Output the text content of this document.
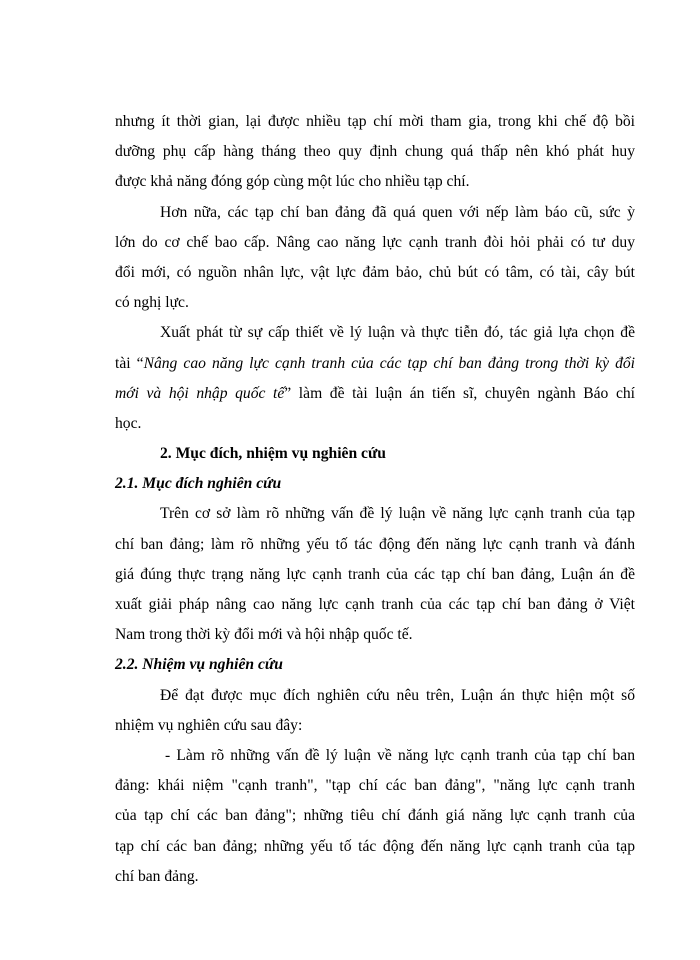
nhưng ít thời gian, lại được nhiều tạp chí mời tham gia, trong khi chế độ bồi
dưỡng phụ cấp hàng tháng theo quy định chung quá thấp nên khó phát huy
được khả năng đóng góp cùng một lúc cho nhiều tạp chí.
Hơn nữa, các tạp chí ban đảng đã quá quen với nếp làm báo cũ, sức ỳ
lớn do cơ chế bao cấp. Nâng cao năng lực cạnh tranh đòi hỏi phải có tư duy
đổi mới, có nguồn nhân lực, vật lực đảm bảo, chủ bút có tâm, có tài, cây bút
có nghị lực.
Xuất phát từ sự cấp thiết về lý luận và thực tiễn đó, tác giả lựa chọn đề
tài “Nâng cao năng lực cạnh tranh của các tạp chí ban đảng trong thời kỳ đổi
mới và hội nhập quốc tế” làm đề tài luận án tiến sĩ, chuyên ngành Báo chí
học.
2. Mục đích, nhiệm vụ nghiên cứu
2.1. Mục đích nghiên cứu
Trên cơ sở làm rõ những vấn đề lý luận về năng lực cạnh tranh của tạp
chí ban đảng; làm rõ những yếu tố tác động đến năng lực cạnh tranh và đánh
giá đúng thực trạng năng lực cạnh tranh của các tạp chí ban đảng, Luận án đề
xuất giải pháp nâng cao năng lực cạnh tranh của các tạp chí ban đảng ở Việt
Nam trong thời kỳ đổi mới và hội nhập quốc tế.
2.2. Nhiệm vụ nghiên cứu
Để đạt được mục đích nghiên cứu nêu trên, Luận án thực hiện một số
nhiệm vụ nghiên cứu sau đây:
- Làm rõ những vấn đề lý luận về năng lực cạnh tranh của tạp chí ban
đảng: khái niệm "cạnh tranh", "tạp chí các ban đảng", "năng lực cạnh tranh
của tạp chí các ban đảng"; những tiêu chí đánh giá năng lực cạnh tranh của
tạp chí các ban đảng; những yếu tố tác động đến năng lực cạnh tranh của tạp
chí ban đảng.
